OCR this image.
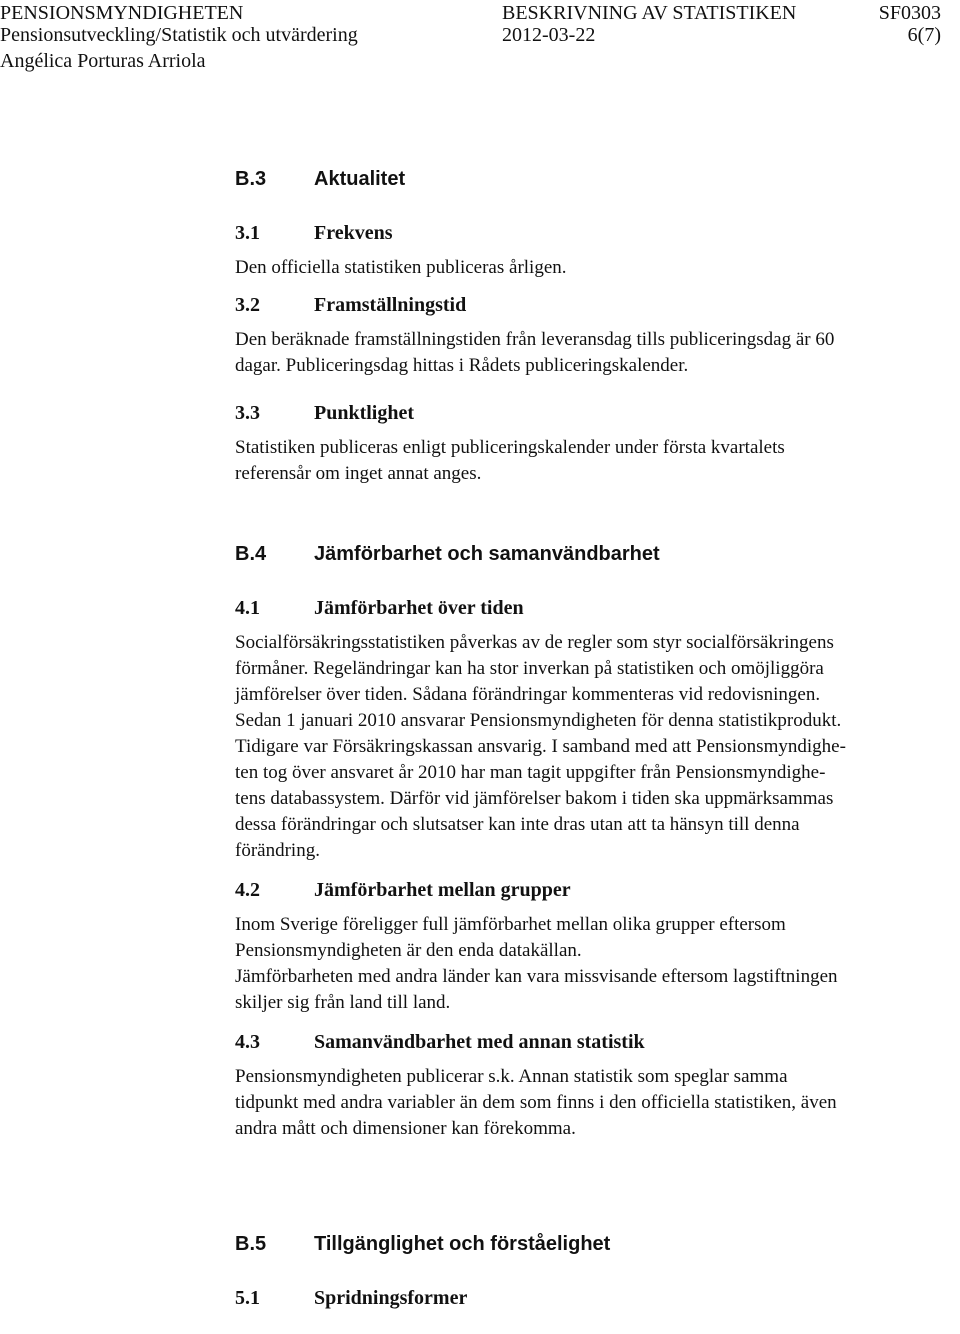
PENSIONSMYNDIGHETEN	BESKRIVNING AV STATISTIKEN	SF0303
Pensionsutveckling/Statistik och utvärdering	2012-03-22	6(7)
Angélica Porturas Arriola
B.3	Aktualitet
3.1	Frekvens
Den officiella statistiken publiceras årligen.
3.2	Framställningstid
Den beräknade framställningstiden från leveransdag tills publiceringsdag är 60
dagar. Publiceringsdag hittas i Rådets publiceringskalender.
3.3	Punktlighet
Statistiken publiceras enligt publiceringskalender under första kvartalets
referensår om inget annat anges.
B.4	Jämförbarhet och samanvändbarhet
4.1	Jämförbarhet över tiden
Socialförsäkringsstatistiken påverkas av de regler som styr socialförsäkringens
förmåner. Regeländringar kan ha stor inverkan på statistiken och omöjliggöra
jämförelser över tiden. Sådana förändringar kommenteras vid redovisningen.
Sedan 1 januari 2010 ansvarar Pensionsmyndigheten för denna statistikprodukt.
Tidigare var Försäkringskassan ansvarig. I samband med att Pensionsmyndighe-
ten tog över ansvaret år 2010 har man tagit uppgifter från Pensionsmyndighe-
tens databassystem. Därför vid jämförelser bakom i tiden ska uppmärksammas
dessa förändringar och slutsatser kan inte dras utan att ta hänsyn till denna
förändring.
4.2	Jämförbarhet mellan grupper
Inom Sverige föreligger full jämförbarhet mellan olika grupper eftersom
Pensionsmyndigheten är den enda datakällan.
Jämförbarheten med andra länder kan vara missvisande eftersom lagstiftningen
skiljer sig från land till land.
4.3	Samanvändbarhet med annan statistik
Pensionsmyndigheten publicerar s.k. Annan statistik som speglar samma
tidpunkt med andra variabler än dem som finns i den officiella statistiken, även
andra mått och dimensioner kan förekomma.
B.5	Tillgänglighet och förståelighet
5.1	Spridningsformer
